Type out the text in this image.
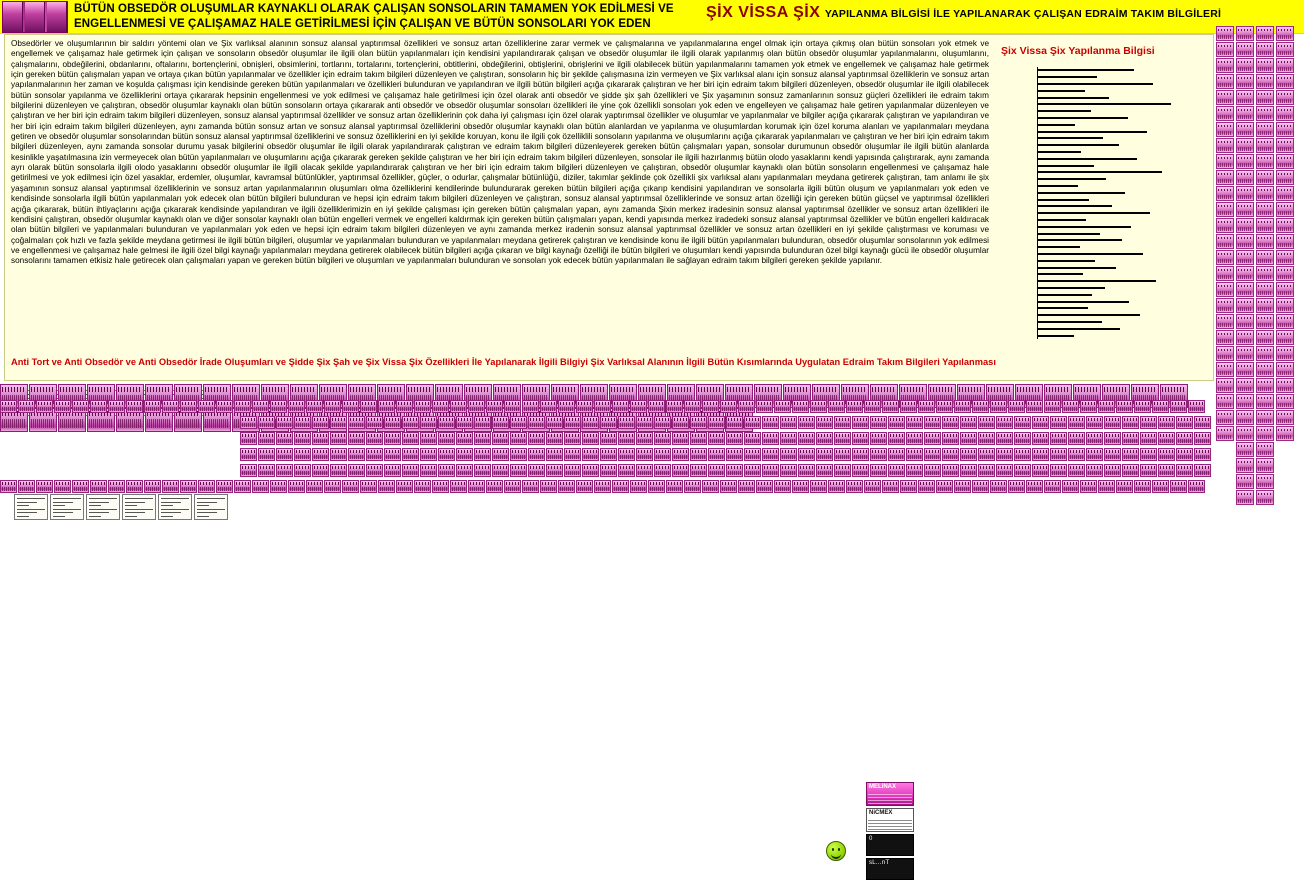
BÜTÜN OBSEDÖR OLUŞUMLAR KAYNAKLI OLARAK ÇALIŞAN SONSOLARIN TAMAMEN YOK EDİLMESİ VE
ENGELLENMESİ VE ÇALIŞAMAZ HALE GETİRİLMESİ İÇİN ÇALIŞAN VE BÜTÜN SONSOLARI YOK EDEN
ŞİX VİSSA ŞİX YAPILANMA BİLGİSİ İLE YAPILANARAK ÇALIŞAN EDRAİM TAKIM BİLGİLERİ
Obsedörler ve oluşumlarının bir saldırı yöntemi olan ve Şix varlıksal alanının sonsuz alansal yaptırımsal özellikleri ve sonsuz artan özelliklerine zarar vermek ve çalışmalarına ve yapılanmalarına engel olmak için ortaya çıkmış olan bütün sonsoları yok etmek ve engellemek ve çalışamaz hale getirmek için çalışan ve sonsoların obsedör oluşumlar ile ilgili olan bütün yapılanmaları için kendisini yapılandırarak çalışan ve obsedör oluşumlar ile ilgili olarak yapılanmış olan bütün obsedör oluşumlar yapılanmalarını, oluşumlarını, çalışmalarını, obdeğilerini, obdanlarını, oftalarını, bortençlerini, obnişleri, obsimlerini, tortlarını, tortalarını, tortençlerini, obtitlerini, obdeğilerini, obtişlerini, obrişlerini ve ilgili olabilecek bütün yapılanmalarını tamamen yok etmek ve engellemek ve çalışamaz hale getirmek için gereken bütün çalışmaları yapan ve ortaya çıkan bütün yapılanmalar ve özellikler için edraim takım bilgileri düzenleyen ve çalıştıran, sonsoların hiç bir şekilde çalışmasına izin vermeyen ve Şix varlıksal alanı için sonsuz alansal yaptırımsal özelliklerin ve sonsuz artan yapılanmalarının her zaman ve koşulda çalışması için kendisinde gereken bütün yapılanmaları ve özellikleri bulunduran ve yapılandıran ve ilgili bütün bilgileri açığa çıkararak çalıştıran ve her biri için edraim takım bilgileri düzenleyen, obsedör oluşumlar ile ilgili olabilecek bütün sonsolar yapılanma ve özelliklerini ortaya çıkararak hepsinin engellenmesi ve yok edilmesi ve çalışamaz hale getirilmesi için özel olarak anti obsedör ve şidde şix şah özellikleri ve Şix yaşamının sonsuz zamanlarının sonsuz güçleri özellikleri ile edraim takım bilgilerini düzenleyen ve çalıştıran, obsedör oluşumlar kaynaklı olan bütün sonsoların ortaya çıkararak anti obsedör ve obsedör oluşumlar sonsoları özellikleri ile yine çok özellikli sonsoları yok eden ve engelleyen ve çalışamaz hale getiren yapılanmalar düzenleyen ve çalıştıran ve her biri için edraim takım bilgileri düzenleyen, sonsuz alansal yaptırımsal özellikler ve sonsuz artan özelliklerinin çok daha iyi çalışması için özel olarak yaptırımsal özellikler ve oluşumlar ve yapılanmalar ve bilgiler açığa çıkararak çalıştıran ve yapılandıran ve her biri için edraim takım bilgileri düzenleyen, aynı zamanda bütün sonsuz artan ve sonsuz alansal yaptırımsal özelliklerini obsedör oluşumlar kaynaklı olan bütün alanlardan ve yapılanma ve oluşumlardan korumak için özel koruma alanları ve yapılanmaları meydana getiren ve obsedör oluşumlar sonsolarından bütün sonsuz alansal yaptırımsal özelliklerini ve sonsuz özelliklerini en iyi şekilde koruyan, konu ile ilgili çok özelliklili sonsoların yapılanma ve oluşumlarını açığa çıkararak yapılanmaları ve çalıştıran ve her biri için edraim takım bilgileri düzenleyen, aynı zamanda sonsolar durumu yasak bilgilerini obsedör oluşumlar ile ilgili olarak yapılandırarak çalıştıran ve edraim takım bilgileri düzenleyerek gereken bütün çalışmaları yapan, sonsolar durumunun obsedör oluşumlar ile ilgili bütün alanlarda kesinlikle yaşatılmasına izin vermeyecek olan bütün yapılanmaları ve oluşumlarını açığa çıkararak gereken şekilde çalıştıran ve her biri için edraim takım bilgileri düzenleyen, sonsolar ile ilgili hazırlanmış bütün olodo yasaklarını kendi yapısında çalıştırarak, aynı zamanda ayrı olarak bütün sonsolarla ilgili olodo yasaklarını obsedör oluşumlar ile ilgili olacak şekilde yapılandırarak çalıştıran ve her biri için edraim takım bilgileri düzenleyen ve çalıştıran, obsedör oluşumlar kaynaklı olan bütün sonsoların engellenmesi ve çalışamaz hale getirilmesi ve yok edilmesi için özel yasaklar, erdemler, oluşumlar, kavramsal bütünlükler, yaptırımsal özellikler, güçler, o odurlar, çalışmalar bütünlüğü, diziler, takımlar şeklinde çok özellikli şix varlıksal alanı yapılanmaları meydana getirerek çalıştıran, tam anlamı ile şix yaşamının sonsuz alansal yaptırımsal özelliklerinin ve sonsuz artan yapılanmalarının oluşumları olma özelliklerini kendilerinde bulundurarak gereken bütün bilgileri açığa çıkarıp kendisini yapılandıran ve sonsolarla ilgili bütün oluşum ve yapılanmaları yok eden ve kendisinde sonsolarla ilgili bütün yapılanmaları yok edecek olan bütün bilgileri bulunduran ve hepsi için edraim takım bilgileri düzenleyen ve çalıştıran, sonsuz alansal yaptırımsal özelliklerinde ve sonsuz artan özelliği için gereken bütün güçsel ve yaptırımsal özellikleri açığa çıkararak, bütün ihtiyaçlarını açığa çıkararak kendisinde yapılandıran ve ilgili özelliklerimizin en iyi şekilde çalışması için gereken bütün çalışmaları yapan, aynı zamanda Şixin merkez iradesinin sonsuz alansal yaptırımsal özellikler ve sonsuz artan özellikleri ile kendisini çalıştıran, obsedör oluşumlar kaynaklı olan ve diğer sonsolar kaynaklı olan bütün engelleri vermek ve engelleri kaldırmak için gereken bütün çalışmaları yapan, kendi yapısında merkez iradedeki sonsuz alansal yaptırımsal özellikler ve bütün engelleri kaldıracak olan bütün bilgileri ve yapılanmaları bulunduran ve yapılanmaları yok eden ve hepsi için edraim takım bilgileri düzenleyen ve aynı zamanda merkez iradenin sonsuz alansal yaptırımsal özellikler ve sonsuz artan özellikleri en iyi şekilde çalıştırması ve koruması ve çoğalmaları çok hızlı ve fazla şekilde meydana getirmesi ile ilgili bütün bilgileri, oluşumlar ve yapılanmaları bulunduran ve yapılanmaları meydana getirerek çalıştıran ve kendisinde konu ile ilgili bütün yapılanmaları bulunduran, obsedör oluşumlar sonsolarının yok edilmesi ve engellenmesi ve çalışamaz hale gelmesi ile ilgili özel bilgi kaynağı yapılanmaları meydana getirerek olabilecek bütün bilgileri açığa çıkaran ve bilgi kaynağı özelliği ile bütün bilgileri ve oluşumları kendi yapısında bulunduran özel bilgi kaynağı gücü ile obsedör oluşumlar sonsolarını tamamen etkisiz hale getirecek olan çalışmaları yapan ve gereken bütün bilgileri ve oluşumları ve yapılanmaları bulunduran ve sonsoları yok edecek bütün yapılanmaları ile sağlayan edraim takım bilgileri gereken şekilde yapılanır.
Anti Tort ve Anti Obsedör ve Anti Obsedör İrade Oluşumları ve Şidde Şix Şah ve Şix Vissa Şix Özellikleri İle Yapılanarak İlgili Bilgiyi Şix Varlıksal Alanının İlgili Bütün Kısımlarında Uygulatan Edraim Takım Bilgileri Yapılanması
Şix Vissa Şix Yapılanma Bilgisi
MELiNAX
NiCMEX
0
sL...nT
